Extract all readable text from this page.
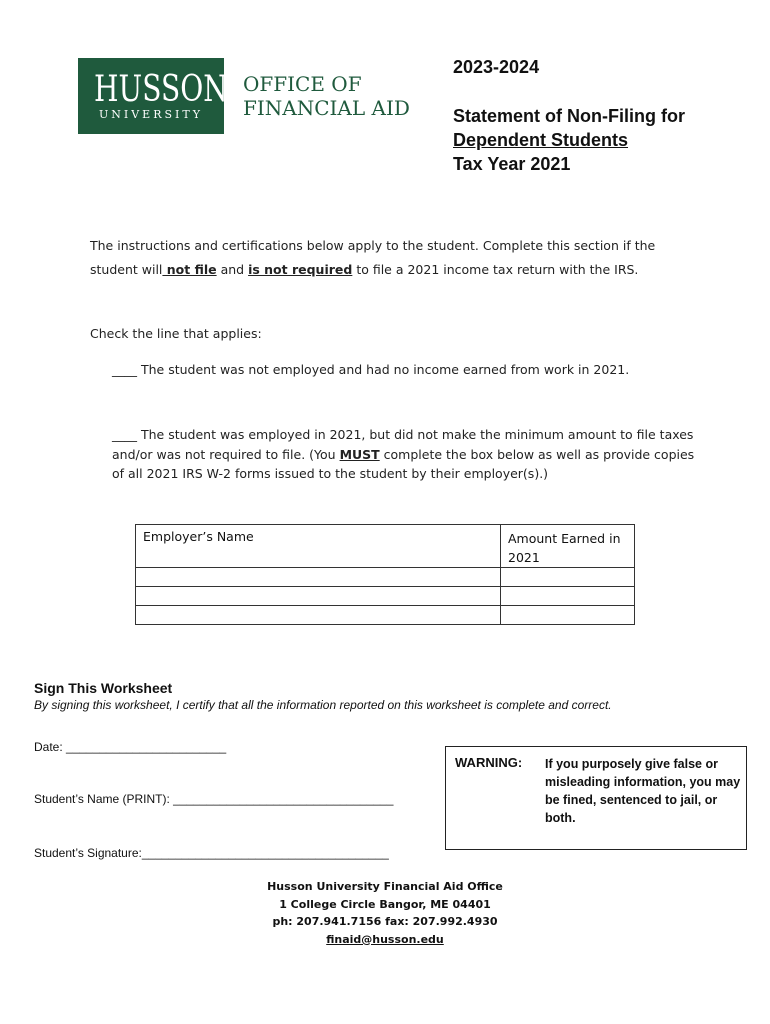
HUSSON
UNIVERSITY
OFFICE OF
FINANCIAL AID
2023-2024
Statement of Non-Filing for
Dependent Students
Tax Year 2021
The instructions and certifications below apply to the student. Complete this section if the student will not file and is not required to file a 2021 income tax return with the IRS.
Check the line that applies:
____ The student was not employed and had no income earned from work in 2021.
____ The student was employed in 2021, but did not make the minimum amount to file taxes and/or was not required to file. (You MUST complete the box below as well as provide copies of all 2021 IRS W-2 forms issued to the student by their employer(s).)
Employer’s Name	Amount Earned in 2021

Sign This Worksheet
By signing this worksheet, I certify that all the information reported on this worksheet is complete and correct.
Date: ________________________
Student’s Name (PRINT): _________________________________
Student’s Signature:_____________________________________
WARNING: If you purposely give false or misleading information, you may be fined, sentenced to jail, or both.
Husson University Financial Aid Office
1 College Circle Bangor, ME 04401
ph: 207.941.7156 fax: 207.992.4930
finaid@husson.edu
